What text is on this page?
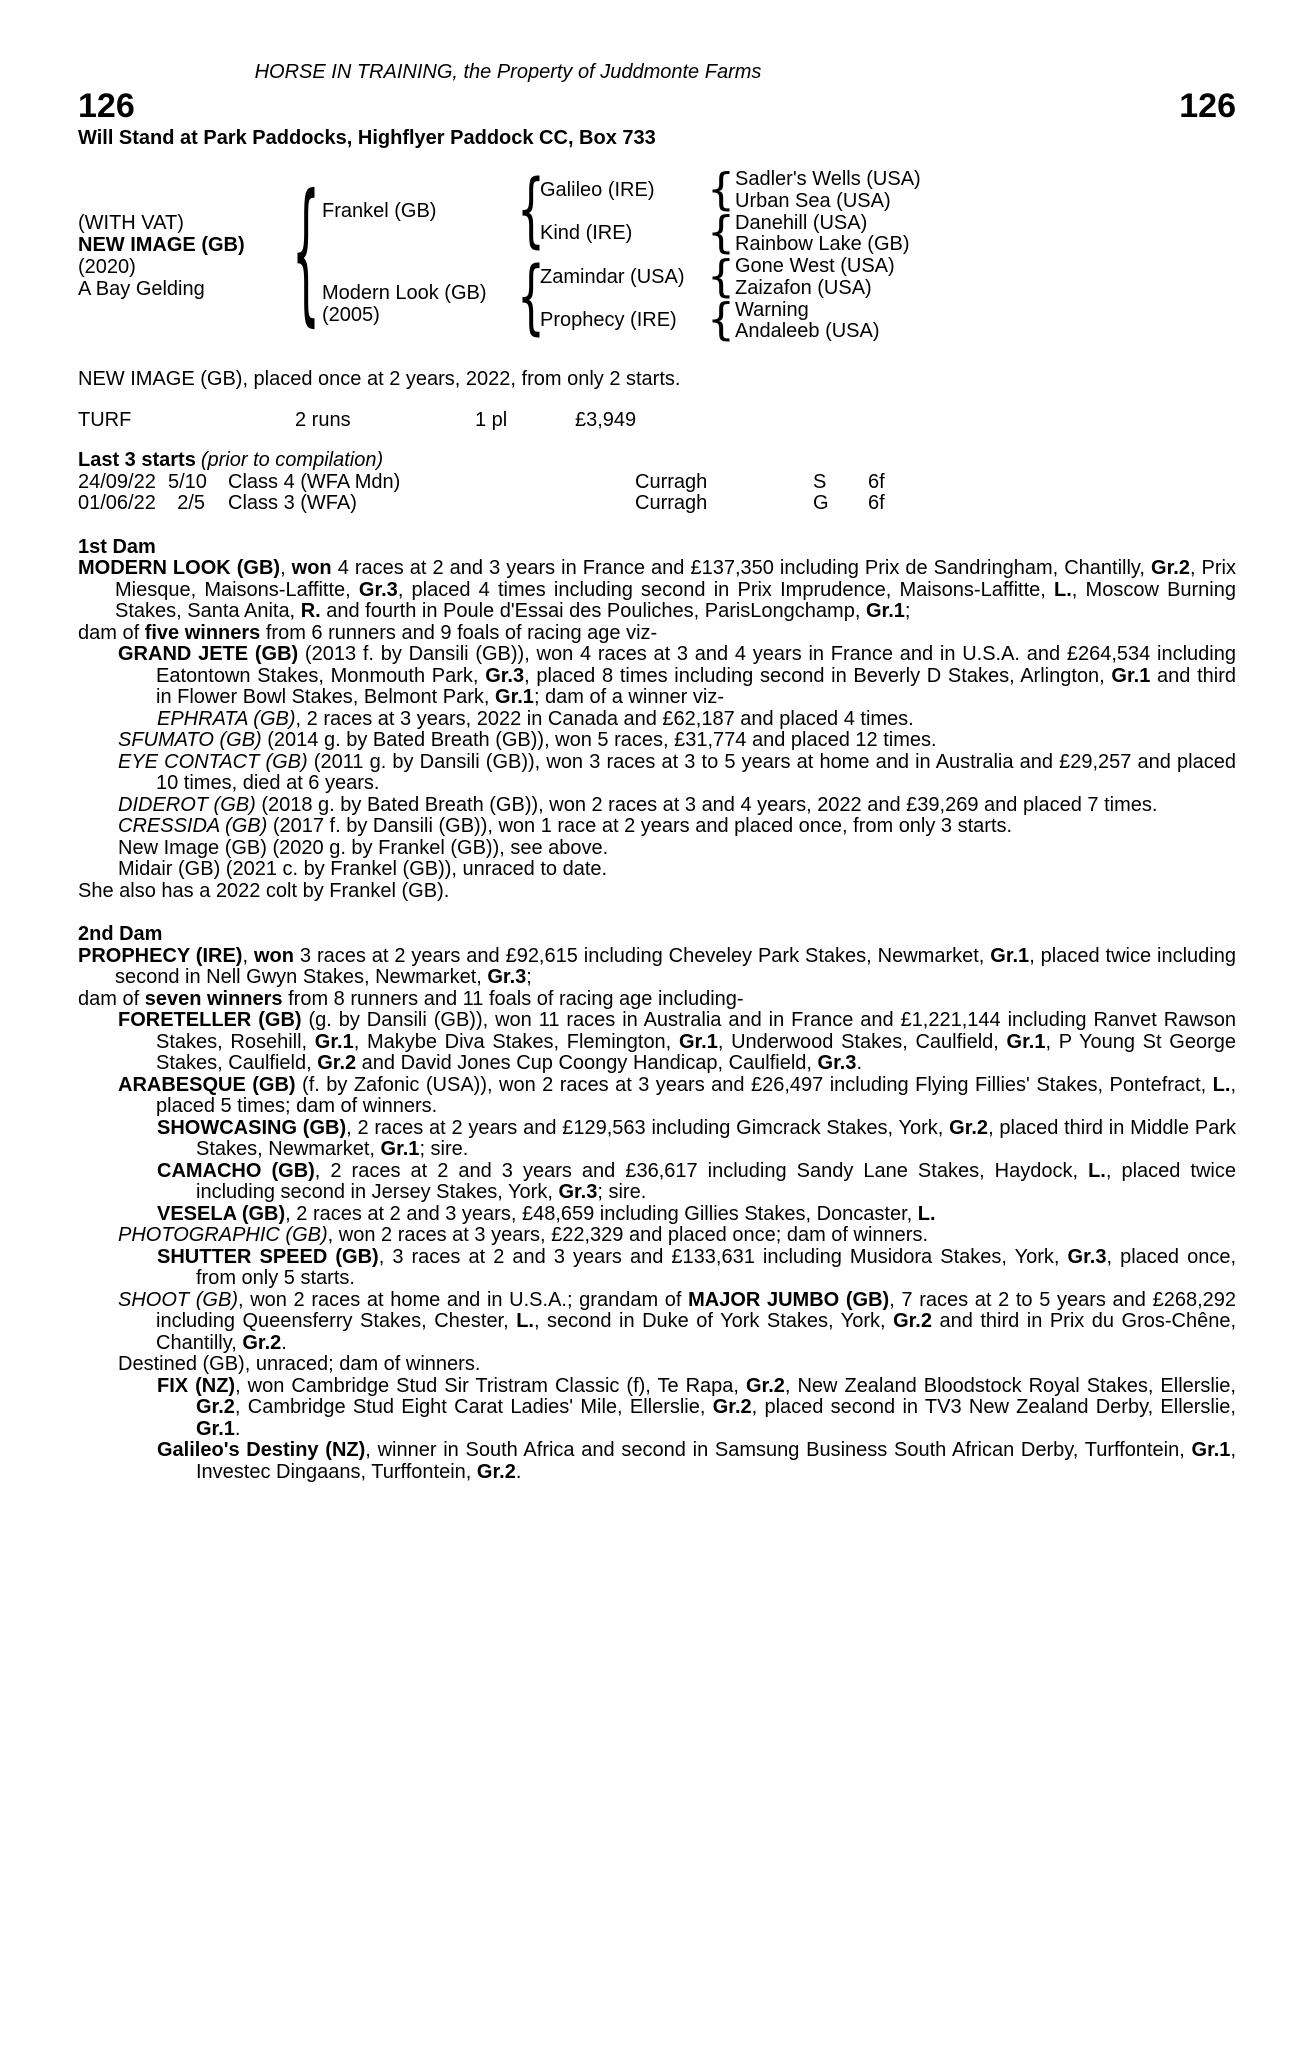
HORSE IN TRAINING, the Property of Juddmonte Farms
126	126
Will Stand at Park Paddocks, Highflyer Paddock CC, Box 733
(WITH VAT)
NEW IMAGE (GB)
(2020)
A Bay Gelding
{
{
{
{
{
{
{
Frankel (GB)
Modern Look (GB)
(2005)
Galileo (IRE)
Kind (IRE)
Zamindar (USA)
Prophecy (IRE)
Sadler's Wells (USA)
Urban Sea (USA)
Danehill (USA)
Rainbow Lake (GB)
Gone West (USA)
Zaizafon (USA)
Warning
Andaleeb (USA)

NEW IMAGE (GB), placed once at 2 years, 2022, from only 2 starts.

TURF	2 runs	1 pl	£3,949
Last 3 starts (prior to compilation)
24/09/22 5/10 Class 4 (WFA Mdn)	Curragh	S	6f
01/06/22	2/5 Class 3 (WFA)	Curragh	G	6f
1st Dam

MODERN LOOK (GB), won 4 races at 2 and 3 years in France and £137,350 including Prix de Sandringham, Chantilly, Gr.2, Prix Miesque, Maisons-Laffitte, Gr.3, placed 4 times including second in Prix Imprudence, Maisons-Laffitte, L., Moscow Burning Stakes, Santa Anita, R. and fourth in Poule d'Essai des Pouliches, ParisLongchamp, Gr.1;

dam of five winners from 6 runners and 9 foals of racing age viz-

GRAND JETE (GB) (2013 f. by Dansili (GB)), won 4 races at 3 and 4 years in France and in U.S.A. and £264,534 including Eatontown Stakes, Monmouth Park, Gr.3, placed 8 times including second in Beverly D Stakes, Arlington, Gr.1 and third in Flower Bowl Stakes, Belmont Park, Gr.1; dam of a winner viz-

EPHRATA (GB), 2 races at 3 years, 2022 in Canada and £62,187 and placed 4 times.

SFUMATO (GB) (2014 g. by Bated Breath (GB)), won 5 races, £31,774 and placed 12 times.

EYE CONTACT (GB) (2011 g. by Dansili (GB)), won 3 races at 3 to 5 years at home and in Australia and £29,257 and placed 10 times, died at 6 years.

DIDEROT (GB) (2018 g. by Bated Breath (GB)), won 2 races at 3 and 4 years, 2022 and £39,269 and placed 7 times.

CRESSIDA (GB) (2017 f. by Dansili (GB)), won 1 race at 2 years and placed once, from only 3 starts.

New Image (GB) (2020 g. by Frankel (GB)), see above.

Midair (GB) (2021 c. by Frankel (GB)), unraced to date.

She also has a 2022 colt by Frankel (GB).

2nd Dam

PROPHECY (IRE), won 3 races at 2 years and £92,615 including Cheveley Park Stakes, Newmarket, Gr.1, placed twice including second in Nell Gwyn Stakes, Newmarket, Gr.3;

dam of seven winners from 8 runners and 11 foals of racing age including-

FORETELLER (GB) (g. by Dansili (GB)), won 11 races in Australia and in France and £1,221,144 including Ranvet Rawson Stakes, Rosehill, Gr.1, Makybe Diva Stakes, Flemington, Gr.1, Underwood Stakes, Caulfield, Gr.1, P Young St George Stakes, Caulfield, Gr.2 and David Jones Cup Coongy Handicap, Caulfield, Gr.3.

ARABESQUE (GB) (f. by Zafonic (USA)), won 2 races at 3 years and £26,497 including Flying Fillies' Stakes, Pontefract, L., placed 5 times; dam of winners.

SHOWCASING (GB), 2 races at 2 years and £129,563 including Gimcrack Stakes, York, Gr.2, placed third in Middle Park Stakes, Newmarket, Gr.1; sire.

CAMACHO (GB), 2 races at 2 and 3 years and £36,617 including Sandy Lane Stakes, Haydock, L., placed twice including second in Jersey Stakes, York, Gr.3; sire.

VESELA (GB), 2 races at 2 and 3 years, £48,659 including Gillies Stakes, Doncaster, L.

PHOTOGRAPHIC (GB), won 2 races at 3 years, £22,329 and placed once; dam of winners.

SHUTTER SPEED (GB), 3 races at 2 and 3 years and £133,631 including Musidora Stakes, York, Gr.3, placed once, from only 5 starts.

SHOOT (GB), won 2 races at home and in U.S.A.; grandam of MAJOR JUMBO (GB), 7 races at 2 to 5 years and £268,292 including Queensferry Stakes, Chester, L., second in Duke of York Stakes, York, Gr.2 and third in Prix du Gros-Chêne, Chantilly, Gr.2.

Destined (GB), unraced; dam of winners.

FIX (NZ), won Cambridge Stud Sir Tristram Classic (f), Te Rapa, Gr.2, New Zealand Bloodstock Royal Stakes, Ellerslie, Gr.2, Cambridge Stud Eight Carat Ladies' Mile, Ellerslie, Gr.2, placed second in TV3 New Zealand Derby, Ellerslie, Gr.1.

Galileo's Destiny (NZ), winner in South Africa and second in Samsung Business South African Derby, Turffontein, Gr.1, Investec Dingaans, Turffontein, Gr.2.
